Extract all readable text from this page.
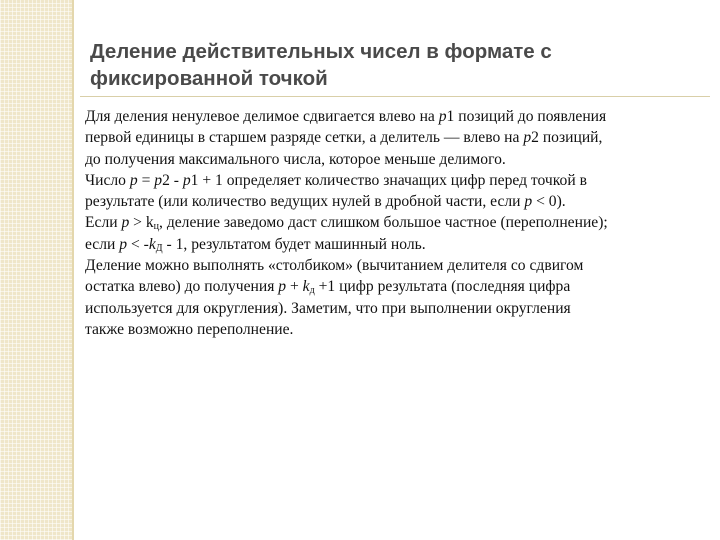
Деление действительных чисел в формате с
фиксированной точкой
Для деления ненулевое делимое сдвигается влево на p1 позиций до появления
первой единицы в старшем разряде сетки, а делитель — влево на p2 позиций,
до получения максимального числа, которое меньше делимого.
Число p = p2 - p1 + 1 определяет количество значащих цифр перед точкой в
результате (или количество ведущих нулей в дробной части, если p < 0).
Если $p > k_ц$, деление заведомо даст слишком большое частное (переполнение);
если $p < -k_Д - 1$, результатом будет машинный ноль.
Деление можно выполнять «столбиком» (вычитанием делителя со сдвигом
остатка влево) до получения $p + k_д +1$ цифр результата (последняя цифра
используется для округления). Заметим, что при выполнении округления
также возможно переполнение.
